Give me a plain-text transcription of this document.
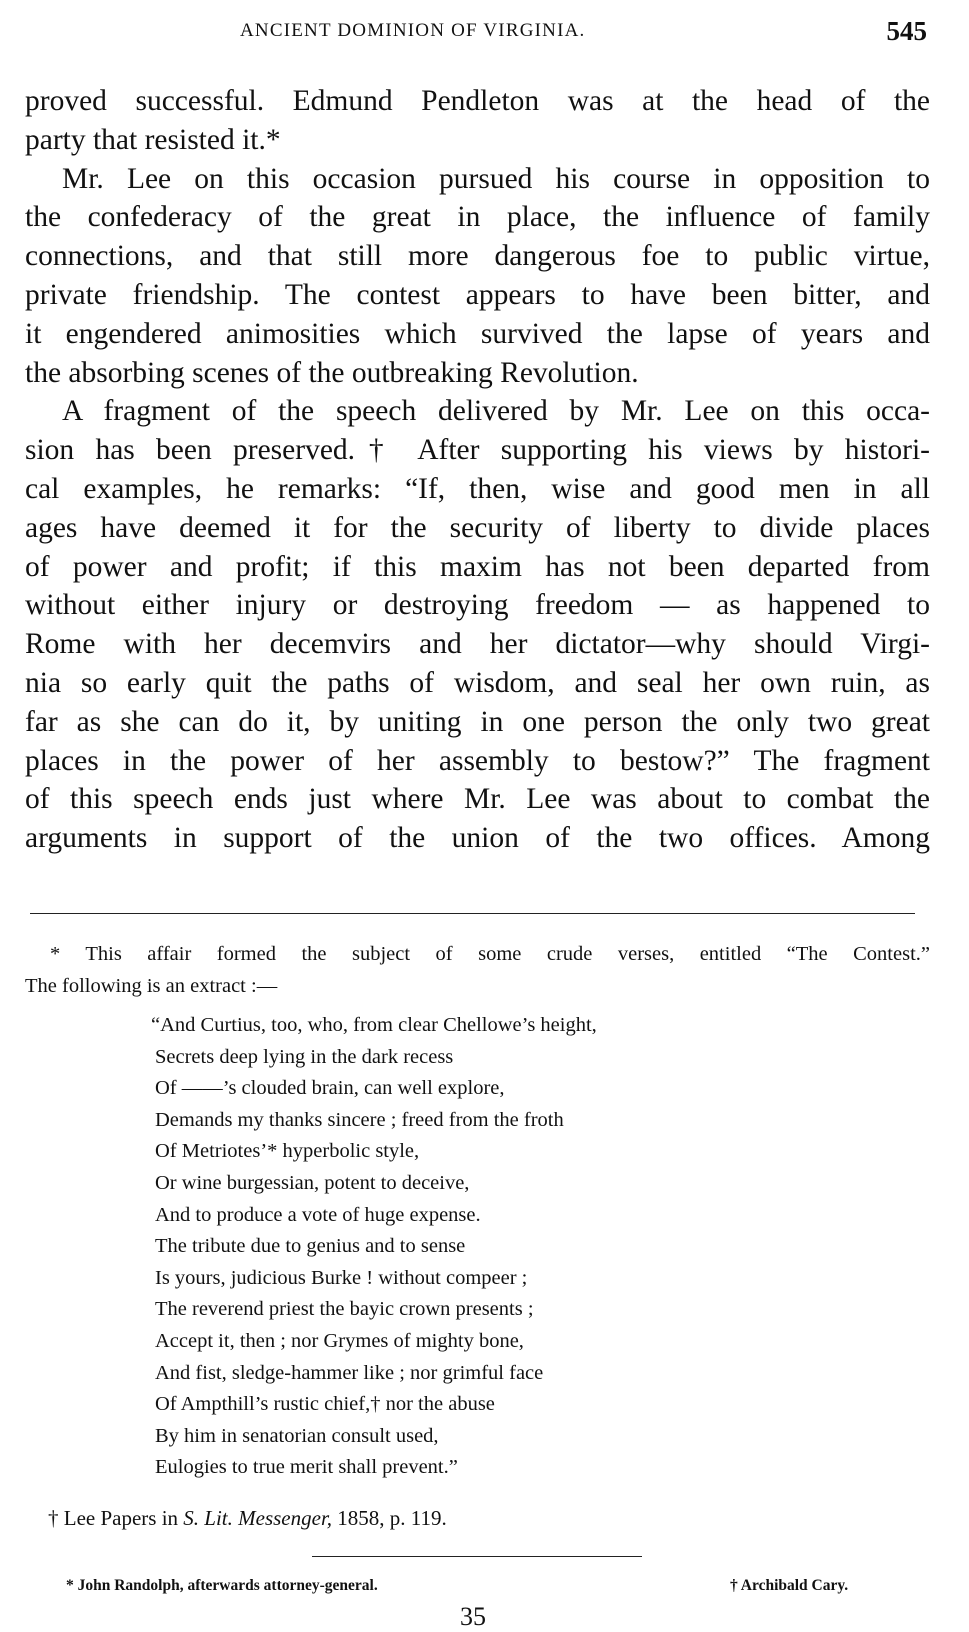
ANCIENT DOMINION OF VIRGINIA.	545
proved successful. Edmund Pendleton was at the head of the
party that resisted it.*
Mr. Lee on this occasion pursued his course in opposition to
the confederacy of the great in place, the influence of family
connections, and that still more dangerous foe to public virtue,
private friendship. The contest appears to have been bitter, and
it engendered animosities which survived the lapse of years and
the absorbing scenes of the outbreaking Revolution.
A fragment of the speech delivered by Mr. Lee on this occa-
sion has been preserved.† After supporting his views by histori-
cal examples, he remarks: “If, then, wise and good men in all
ages have deemed it for the security of liberty to divide places
of power and profit; if this maxim has not been departed from
without either injury or destroying freedom — as happened to
Rome with her decemvirs and her dictator—why should Virgi-
nia so early quit the paths of wisdom, and seal her own ruin, as
far as she can do it, by uniting in one person the only two great
places in the power of her assembly to bestow?” The fragment
of this speech ends just where Mr. Lee was about to combat the
arguments in support of the union of the two offices. Among
* This affair formed the subject of some crude verses, entitled “The Contest.”
The following is an extract :—
“And Curtius, too, who, from clear Chellowe’s height,
Secrets deep lying in the dark recess
Of ——’s clouded brain, can well explore,
Demands my thanks sincere ; freed from the froth
Of Metriotes’* hyperbolic style,
Or wine burgessian, potent to deceive,
And to produce a vote of huge expense.
The tribute due to genius and to sense
Is yours, judicious Burke ! without compeer ;
The reverend priest the bayic crown presents ;
Accept it, then ; nor Grymes of mighty bone,
And fist, sledge-hammer like ; nor grimful face
Of Ampthill’s rustic chief,† nor the abuse
By him in senatorian consult used,
Eulogies to true merit shall prevent.”
† Lee Papers in S. Lit. Messenger, 1858, p. 119.
* John Randolph, afterwards attorney-general.	† Archibald Cary.
35
